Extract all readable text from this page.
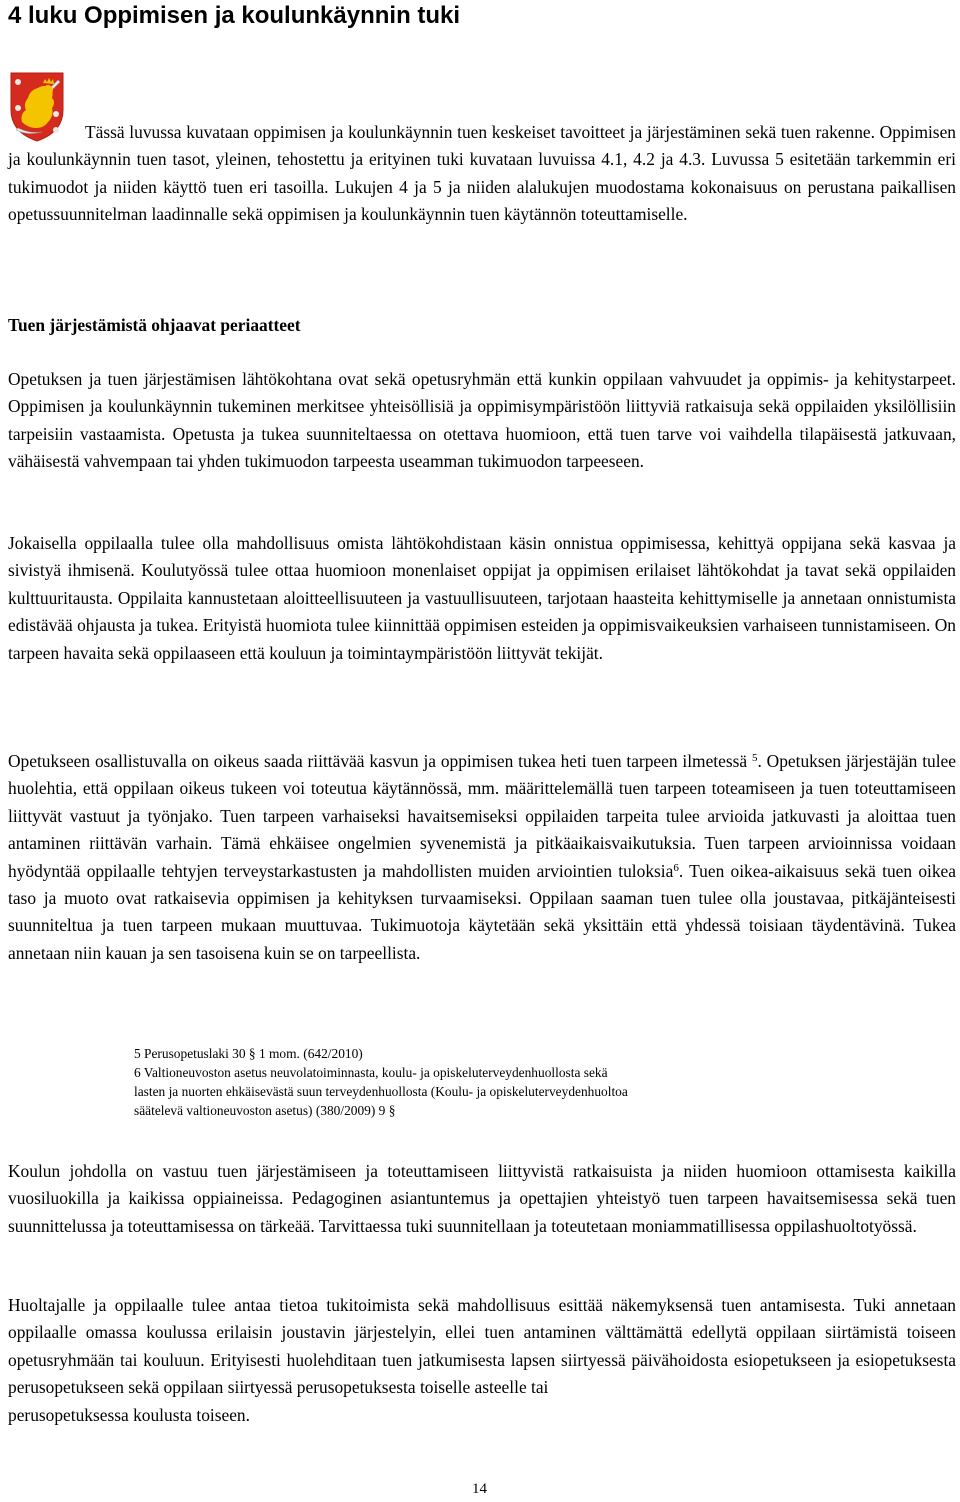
4 luku Oppimisen ja koulunkäynnin tuki

Tässä luvussa kuvataan oppimisen ja koulunkäynnin tuen keskeiset tavoitteet ja järjestäminen sekä tuen rakenne. Oppimisen ja koulunkäynnin tuen tasot, yleinen, tehostettu ja erityinen tuki kuvataan luvuissa 4.1, 4.2 ja 4.3. Luvussa 5 esitetään tarkemmin eri tukimuodot ja niiden käyttö tuen eri tasoilla. Lukujen 4 ja 5 ja niiden alalukujen muodostama kokonaisuus on perustana paikallisen opetussuunnitelman laadinnalle sekä oppimisen ja koulunkäynnin tuen käytännön toteuttamiselle.

Tuen järjestämistä ohjaavat periaatteet

Opetuksen ja tuen järjestämisen lähtökohtana ovat sekä opetusryhmän että kunkin oppilaan vahvuudet ja oppimis- ja kehitystarpeet. Oppimisen ja koulunkäynnin tukeminen merkitsee yhteisöllisiä ja oppimisympäristöön liittyviä ratkaisuja sekä oppilaiden yksilöllisiin tarpeisiin vastaamista. Opetusta ja tukea suunniteltaessa on otettava huomioon, että tuen tarve voi vaihdella tilapäisestä jatkuvaan, vähäisestä vahvempaan tai yhden tukimuodon tarpeesta useamman tukimuodon tarpeeseen.

Jokaisella oppilaalla tulee olla mahdollisuus omista lähtökohdistaan käsin onnistua oppimisessa, kehittyä oppijana sekä kasvaa ja sivistyä ihmisenä. Koulutyössä tulee ottaa huomioon monenlaiset oppijat ja oppimisen erilaiset lähtökohdat ja tavat sekä oppilaiden kulttuuritausta. Oppilaita kannustetaan aloitteellisuuteen ja vastuullisuuteen, tarjotaan haasteita kehittymiselle ja annetaan onnistumista edistävää ohjausta ja tukea. Erityistä huomiota tulee kiinnittää oppimisen esteiden ja oppimisvaikeuksien varhaiseen tunnistamiseen. On tarpeen havaita sekä oppilaaseen että kouluun ja toimintaympäristöön liittyvät tekijät.

Opetukseen osallistuvalla on oikeus saada riittävää kasvun ja oppimisen tukea heti tuen tarpeen ilmetessä $^5$. Opetuksen järjestäjän tulee huolehtia, että oppilaan oikeus tukeen voi toteutua käytännössä, mm. määrittelemällä tuen tarpeen toteamiseen ja tuen toteuttamiseen liittyvät vastuut ja työnjako. Tuen tarpeen varhaiseksi havaitsemiseksi oppilaiden tarpeita tulee arvioida jatkuvasti ja aloittaa tuen antaminen riittävän varhain. Tämä ehkäisee ongelmien syvenemistä ja pitkäaikaisvaikutuksia. Tuen tarpeen arvioinnissa voidaan hyödyntää oppilaalle tehtyjen terveystarkastusten ja mahdollisten muiden arviointien tuloksia$^6$. Tuen oikea-aikaisuus sekä tuen oikea taso ja muoto ovat ratkaisevia oppimisen ja kehityksen turvaamiseksi. Oppilaan saaman tuen tulee olla joustavaa, pitkäjänteisesti suunniteltua ja tuen tarpeen mukaan muuttuvaa. Tukimuotoja käytetään sekä yksittäin että yhdessä toisiaan täydentävinä. Tukea annetaan niin kauan ja sen tasoisena kuin se on tarpeellista.

5 Perusopetuslaki 30 § 1 mom. (642/2010)
6 Valtioneuvoston asetus neuvolatoiminnasta, koulu- ja opiskeluterveydenhuollosta sekä
lasten ja nuorten ehkäisevästä suun terveydenhuollosta (Koulu- ja opiskeluterveydenhuoltoa
säätelevä valtioneuvoston asetus) (380/2009) 9 §

Koulun johdolla on vastuu tuen järjestämiseen ja toteuttamiseen liittyvistä ratkaisuista ja niiden huomioon ottamisesta kaikilla vuosiluokilla ja kaikissa oppiaineissa. Pedagoginen asiantuntemus ja opettajien yhteistyö tuen tarpeen havaitsemisessa sekä tuen suunnittelussa ja toteuttamisessa on tärkeää. Tarvittaessa tuki suunnitellaan ja toteutetaan moniammatillisessa oppilashuoltotyössä.

Huoltajalle ja oppilaalle tulee antaa tietoa tukitoimista sekä mahdollisuus esittää näkemyksensä tuen antamisesta. Tuki annetaan oppilaalle omassa koulussa erilaisin joustavin järjestelyin, ellei tuen antaminen välttämättä edellytä oppilaan siirtämistä toiseen opetusryhmään tai kouluun. Erityisesti huolehditaan tuen jatkumisesta lapsen siirtyessä päivähoidosta esiopetukseen ja esiopetuksesta perusopetukseen sekä oppilaan siirtyessä perusopetuksesta toiselle asteelle tai
perusopetuksessa koulusta toiseen.
14
